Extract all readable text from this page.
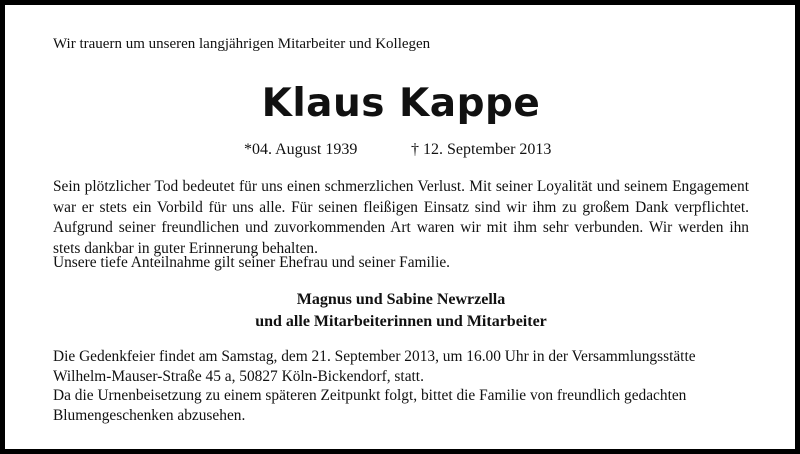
Wir trauern um unseren langjährigen Mitarbeiter und Kollegen
Klaus Kappe
*04. August 1939	† 12. September 2013
Sein plötzlicher Tod bedeutet für uns einen schmerzlichen Verlust. Mit seiner Loyalität und seinem Engagement war er stets ein Vorbild für uns alle. Für seinen fleißigen Einsatz sind wir ihm zu großem Dank verpflichtet. Aufgrund seiner freundlichen und zuvorkommenden Art waren wir mit ihm sehr verbunden. Wir werden ihn stets dankbar in guter Erinnerung behalten.
Unsere tiefe Anteilnahme gilt seiner Ehefrau und seiner Familie.
Magnus und Sabine Newrzella
und alle Mitarbeiterinnen und Mitarbeiter
Die Gedenkfeier findet am Samstag, dem 21. September 2013, um 16.00 Uhr in der Versammlungsstätte
Wilhelm-Mauser-Straße 45 a, 50827 Köln-Bickendorf, statt.
Da die Urnenbeisetzung zu einem späteren Zeitpunkt folgt, bittet die Familie von freundlich gedachten
Blumengeschenken abzusehen.
